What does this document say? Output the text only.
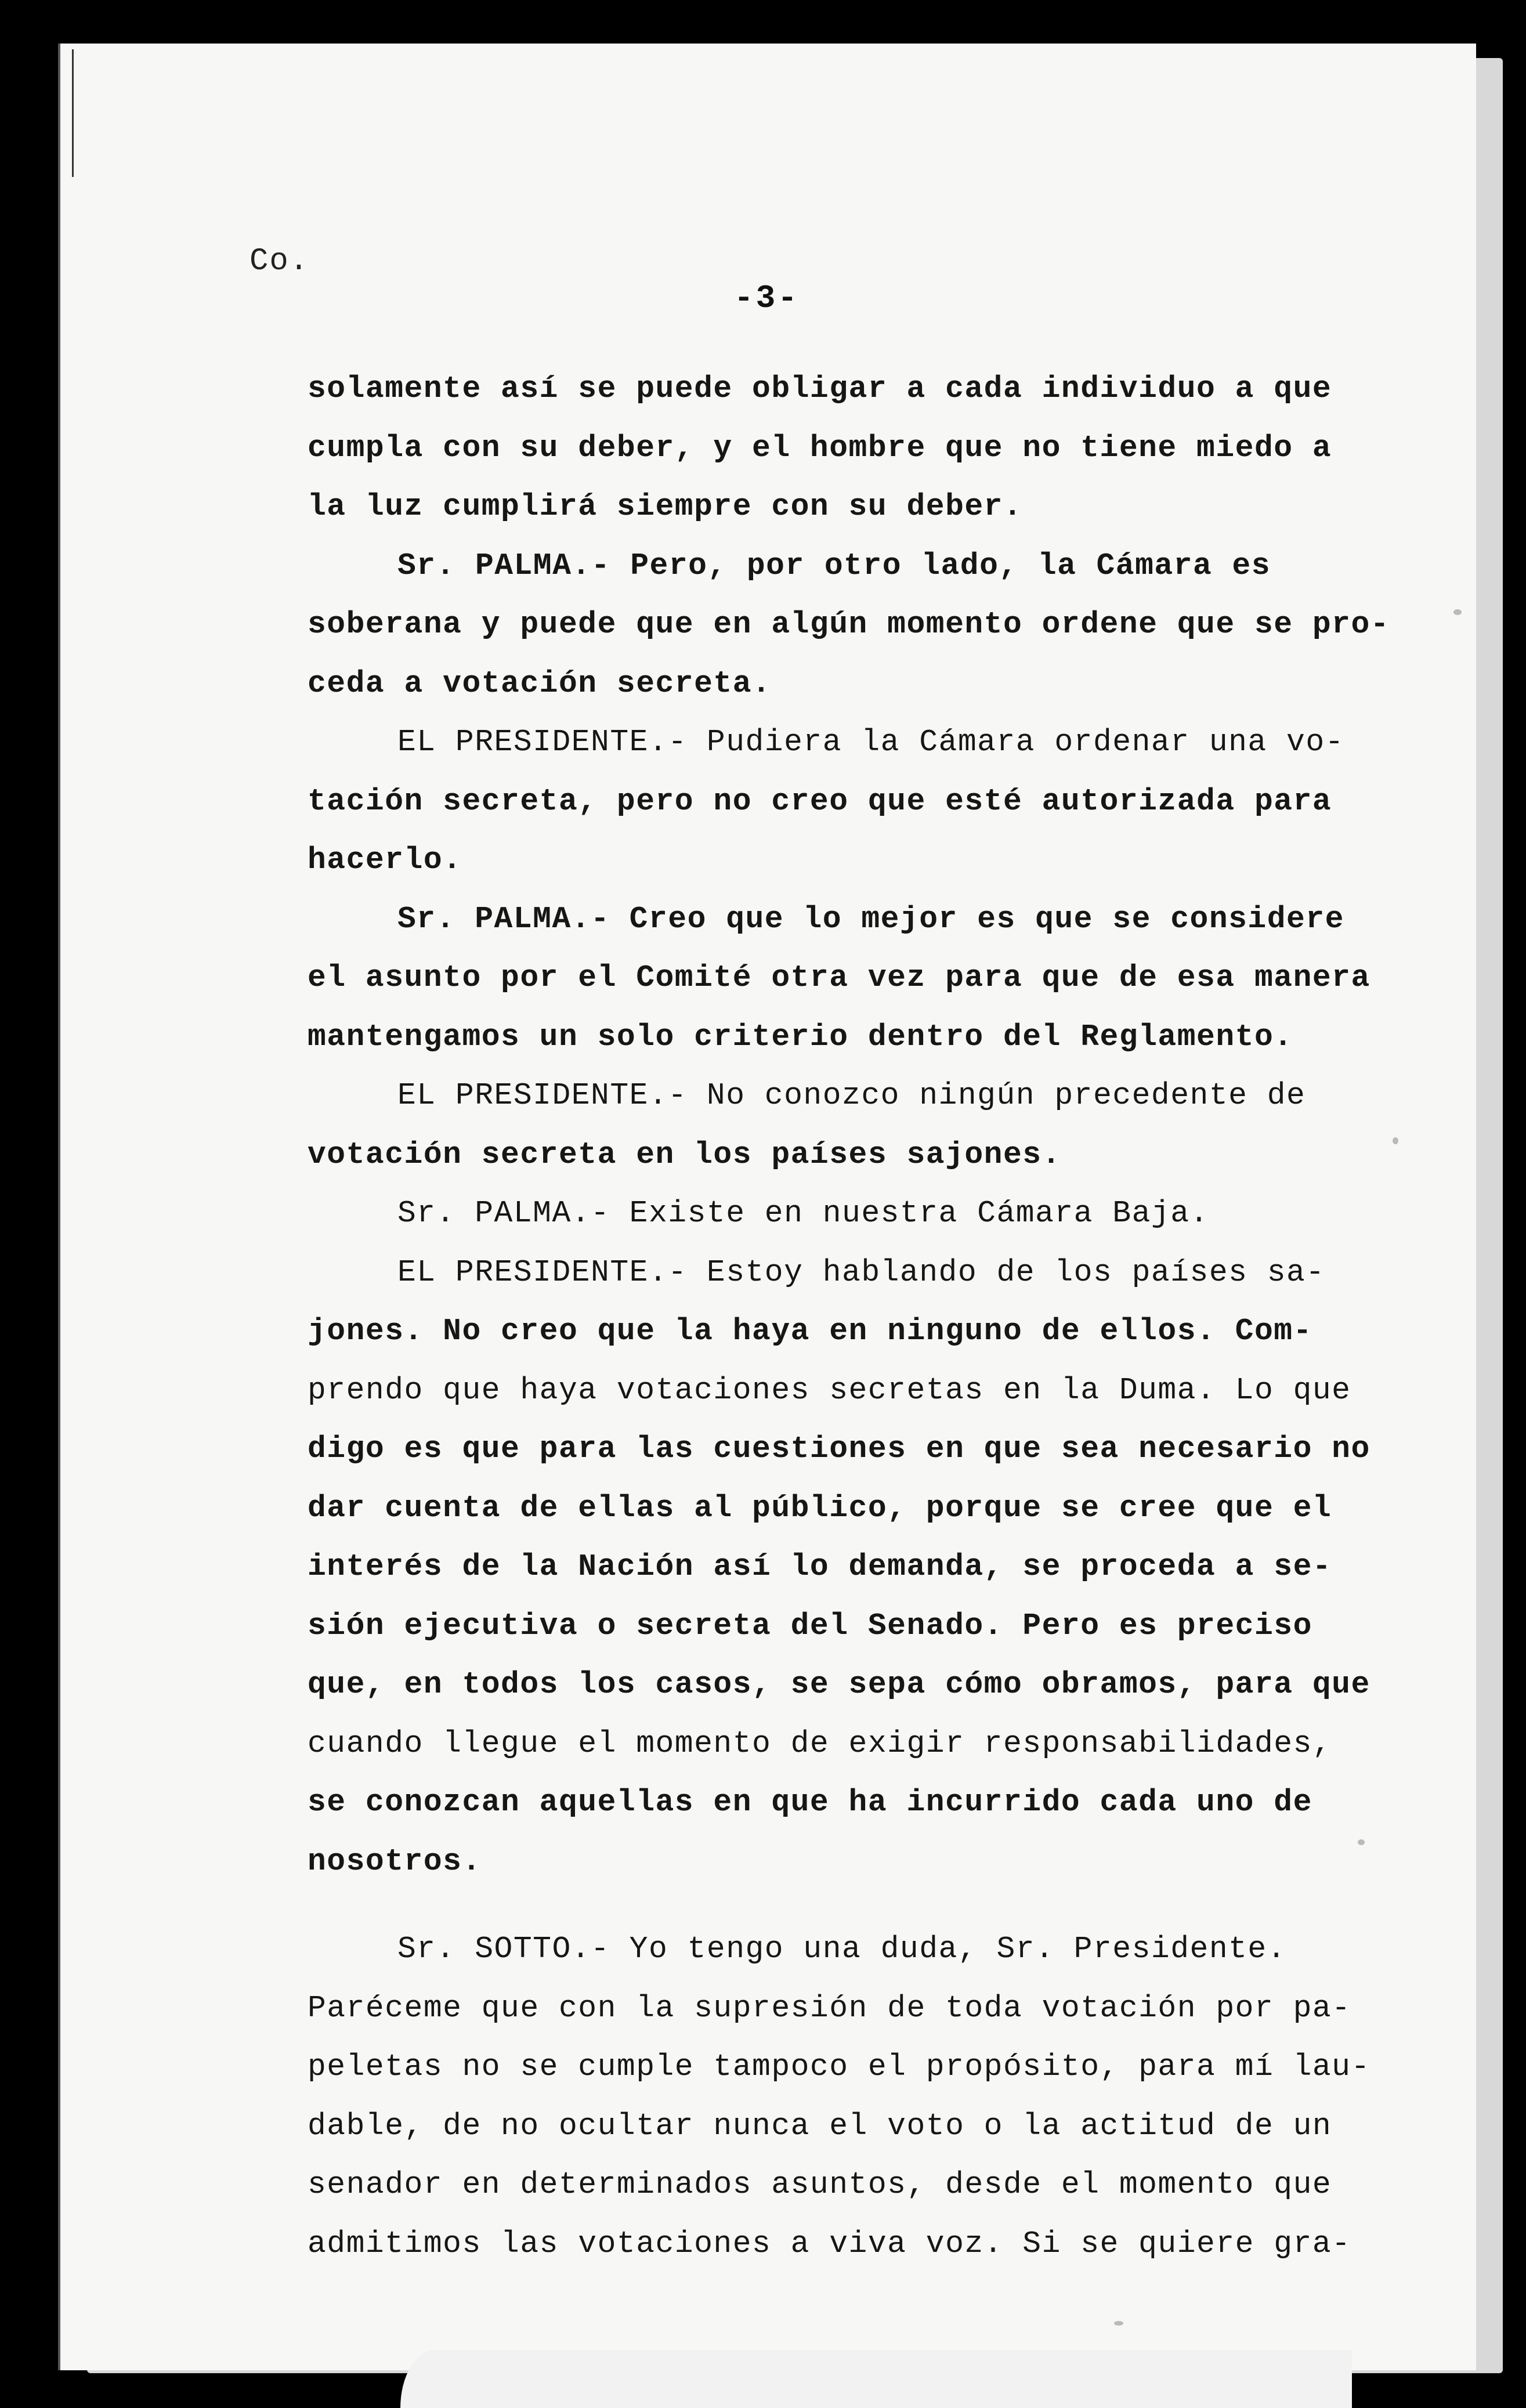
Co.
-3-
solamente así se puede obligar a cada individuo a que
cumpla con su deber, y el hombre que no tiene miedo a
la luz cumplirá siempre con su deber.
Sr. PALMA.- Pero, por otro lado, la Cámara es
soberana y puede que en algún momento ordene que se pro-
ceda a votación secreta.
EL PRESIDENTE.- Pudiera la Cámara ordenar una vo-
tación secreta, pero no creo que esté autorizada para
hacerlo.
Sr. PALMA.- Creo que lo mejor es que se considere
el asunto por el Comité otra vez para que de esa manera
mantengamos un solo criterio dentro del Reglamento.
EL PRESIDENTE.- No conozco ningún precedente de
votación secreta en los países sajones.
Sr. PALMA.- Existe en nuestra Cámara Baja.
EL PRESIDENTE.- Estoy hablando de los países sa-
jones. No creo que la haya en ninguno de ellos. Com-
prendo que haya votaciones secretas en la Duma. Lo que
digo es que para las cuestiones en que sea necesario no
dar cuenta de ellas al público, porque se cree que el
interés de la Nación así lo demanda, se proceda a se-
sión ejecutiva o secreta del Senado. Pero es preciso
que, en todos los casos, se sepa cómo obramos, para que
cuando llegue el momento de exigir responsabilidades,
se conozcan aquellas en que ha incurrido cada uno de
nosotros.
Sr. SOTTO.- Yo tengo una duda, Sr. Presidente.
Paréceme que con la supresión de toda votación por pa-
peletas no se cumple tampoco el propósito, para mí lau-
dable, de no ocultar nunca el voto o la actitud de un
senador en determinados asuntos, desde el momento que
admitimos las votaciones a viva voz. Si se quiere gra-
